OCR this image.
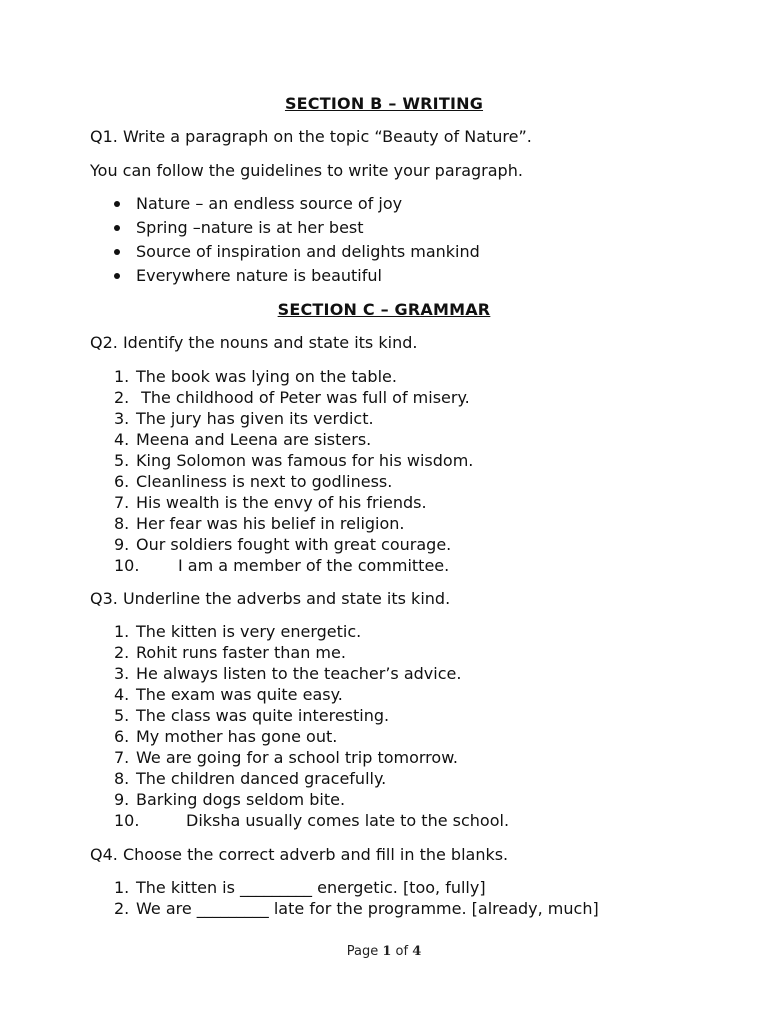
SECTION B – WRITING
Q1. Write a paragraph on the topic “Beauty of Nature”.
You can follow the guidelines to write your paragraph.
Nature – an endless source of joy
Spring –nature is at her best
Source of inspiration and delights mankind
Everywhere nature is beautiful
SECTION C – GRAMMAR
Q2. Identify the nouns and state its kind.
1. The book was lying on the table.
2. The childhood of Peter was full of misery.
3. The jury has given its verdict.
4. Meena and Leena are sisters.
5. King Solomon was famous for his wisdom.
6. Cleanliness is next to godliness.
7. His wealth is the envy of his friends.
8. Her fear was his belief in religion.
9. Our soldiers fought with great courage.
10. I am a member of the committee.
Q3. Underline the adverbs and state its kind.
1. The kitten is very energetic.
2. Rohit runs faster than me.
3. He always listen to the teacher’s advice.
4. The exam was quite easy.
5. The class was quite interesting.
6. My mother has gone out.
7. We are going for a school trip tomorrow.
8. The children danced gracefully.
9. Barking dogs seldom bite.
10.	Diksha usually comes late to the school.
Q4. Choose the correct adverb and fill in the blanks.
1. The kitten is _________ energetic. [too, fully]
2. We are _________ late for the programme. [already, much]
Page 1 of 4
